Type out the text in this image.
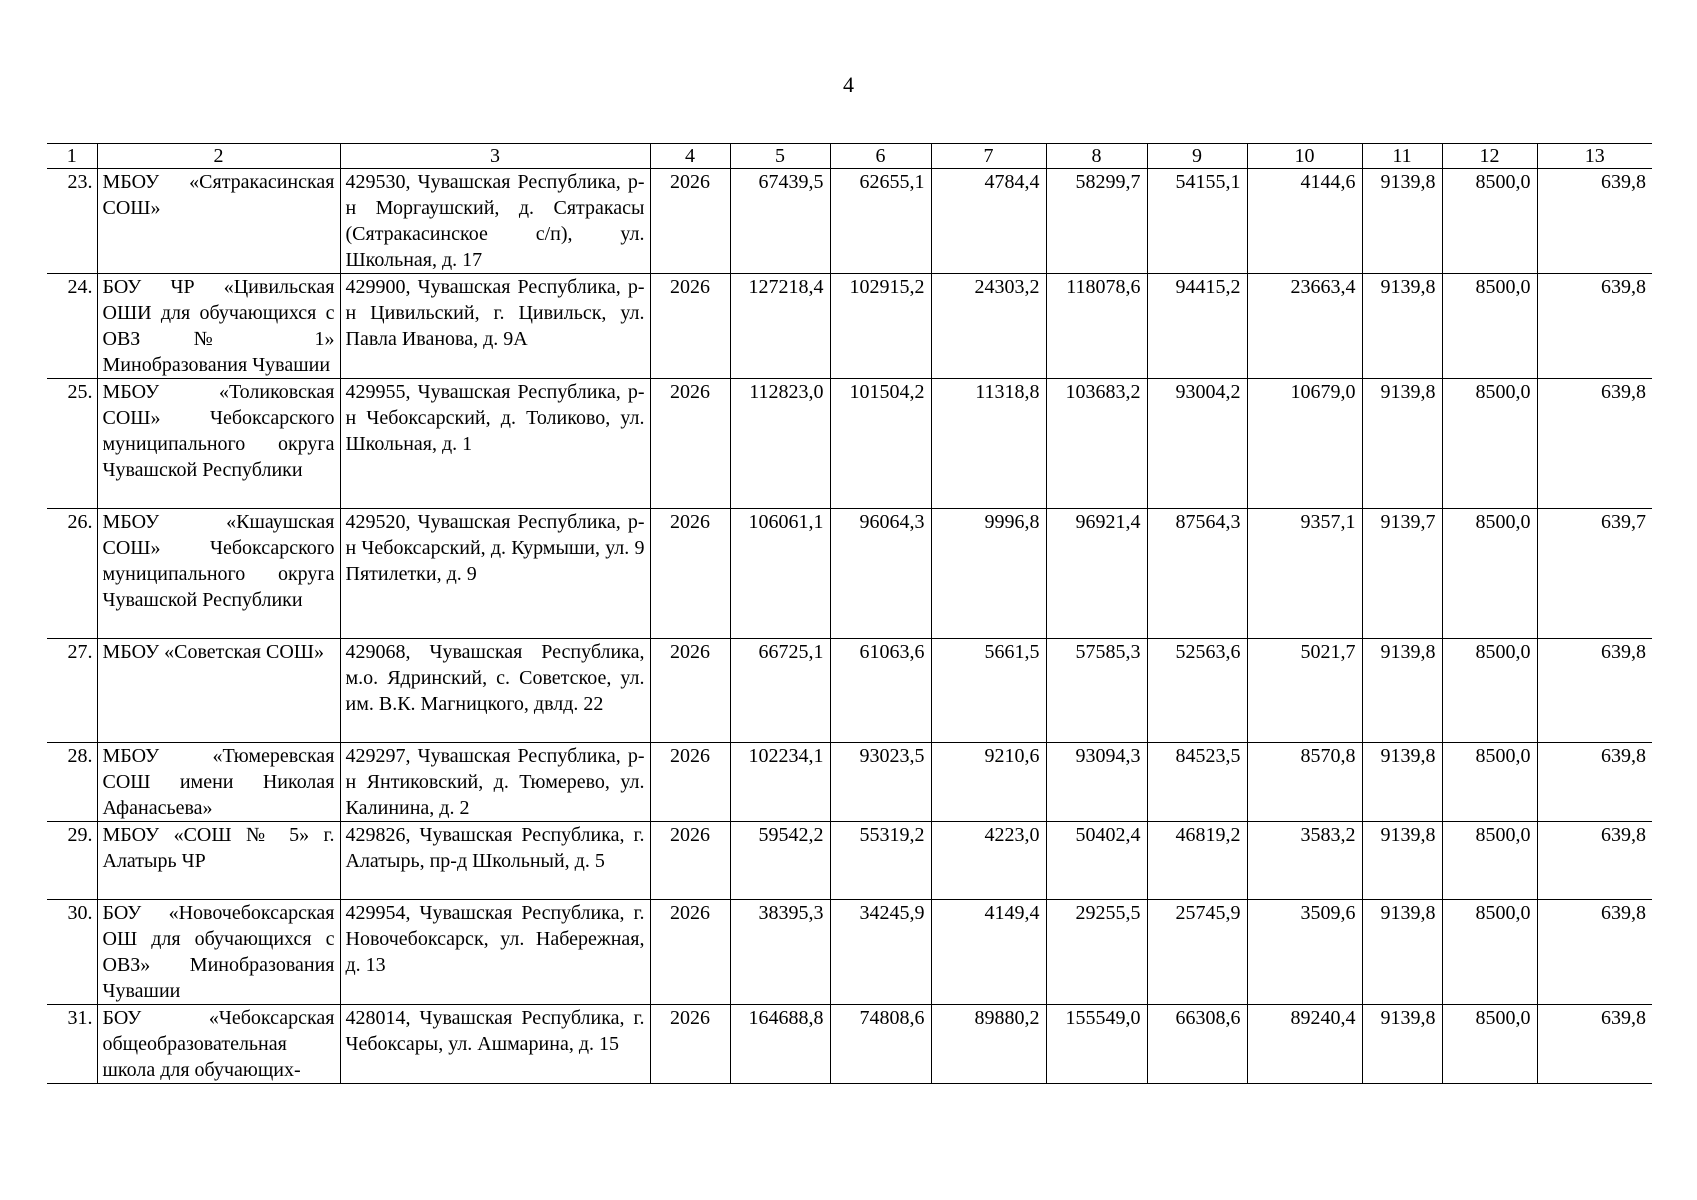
4
1	2	3	4	5	6	7	8	9	10	11	12	13
23.	МБОУ «Сятракасинская СОШ»	429530, Чувашская Республика, р-н Моргаушский, д. Сятракасы (Сятракасинское с/п), ул. Школьная, д. 17	2026	67439,5	62655,1	4784,4	58299,7	54155,1	4144,6	9139,8	8500,0	639,8
24.	БОУ ЧР «Цивильская ОШИ для обучающихся с ОВЗ № 1» Минобразования Чувашии	429900, Чувашская Республика, р-н Цивильский, г. Цивильск, ул. Павла Иванова, д. 9А	2026	127218,4	102915,2	24303,2	118078,6	94415,2	23663,4	9139,8	8500,0	639,8
25.	МБОУ «Толиковская СОШ» Чебоксарского муниципального округа Чувашской Республики	429955, Чувашская Республика, р-н Чебоксарский, д. Толиково, ул. Школьная, д. 1	2026	112823,0	101504,2	11318,8	103683,2	93004,2	10679,0	9139,8	8500,0	639,8
26.	МБОУ «Кшаушская СОШ» Чебоксарского муниципального округа Чувашской Республики	429520, Чувашская Республика, р-н Чебоксарский, д. Курмыши, ул. 9 Пятилетки, д. 9	2026	106061,1	96064,3	9996,8	96921,4	87564,3	9357,1	9139,7	8500,0	639,7
27.	МБОУ «Советская СОШ»	429068, Чувашская Республика, м.о. Ядринский, с. Советское, ул. им. В.К. Магницкого, двлд. 22	2026	66725,1	61063,6	5661,5	57585,3	52563,6	5021,7	9139,8	8500,0	639,8
28.	МБОУ «Тюмеревская СОШ имени Николая Афанасьева»	429297, Чувашская Республика, р-н Янтиковский, д. Тюмерево, ул. Калинина, д. 2	2026	102234,1	93023,5	9210,6	93094,3	84523,5	8570,8	9139,8	8500,0	639,8
29.	МБОУ «СОШ № 5» г. Алатырь ЧР	429826, Чувашская Республика, г. Алатырь, пр-д Школьный, д. 5	2026	59542,2	55319,2	4223,0	50402,4	46819,2	3583,2	9139,8	8500,0	639,8
30.	БОУ «Новочебоксарская ОШ для обучающихся с ОВЗ» Минобразования Чувашии	429954, Чувашская Республика, г. Новочебоксарск, ул. Набережная, д. 13	2026	38395,3	34245,9	4149,4	29255,5	25745,9	3509,6	9139,8	8500,0	639,8
31.	БОУ «Чебоксарская общеобразовательная школа для обучающих-	428014, Чувашская Республика, г. Чебоксары, ул. Ашмарина, д. 15	2026	164688,8	74808,6	89880,2	155549,0	66308,6	89240,4	9139,8	8500,0	639,8
